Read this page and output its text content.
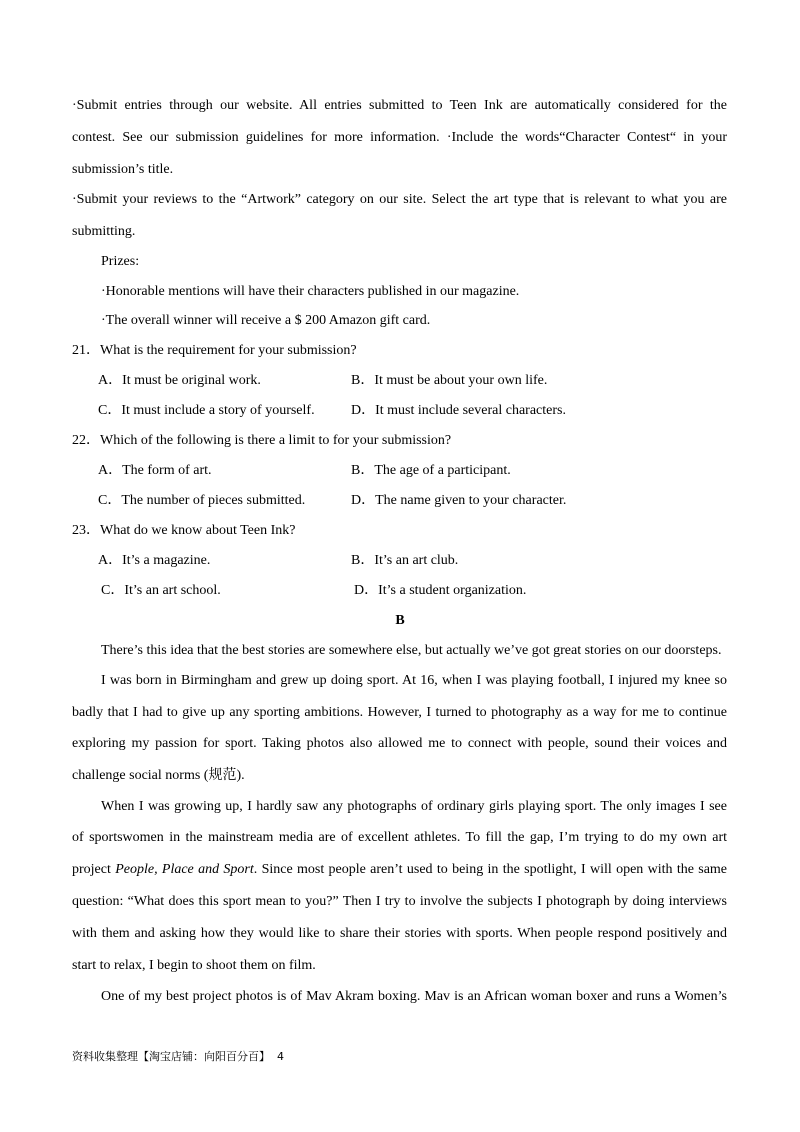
·Submit entries through our website. All entries submitted to Teen Ink are automatically considered for the
contest. See our submission guidelines for more information. ·Include the words“Character Contest“ in your
submission’s title.
·Submit your reviews to the “Artwork” category on our site. Select the art type that is relevant to what you are
submitting.
Prizes:
·Honorable mentions will have their characters published in our magazine.
·The overall winner will receive a $ 200 Amazon gift card.
21．What is the requirement for your submission?
A．It must be original work.	B．It must be about your own life.
C．It must include a story of yourself.	D．It must include several characters.
22．Which of the following is there a limit to for your submission?
A．The form of art.	B．The age of a participant.
C．The number of pieces submitted.	D．The name given to your character.
23．What do we know about Teen Ink?
A．It’s a magazine.	B．It’s an art club.
C．It’s an art school.	D．It’s a student organization.
B
There’s this idea that the best stories are somewhere else, but actually we’ve got great stories on our doorsteps.
I was born in Birmingham and grew up doing sport. At 16, when I was playing football, I injured my knee so
badly that I had to give up any sporting ambitions. However, I turned to photography as a way for me to continue
exploring my passion for sport. Taking photos also allowed me to connect with people, sound their voices and
challenge social norms (规范).
When I was growing up, I hardly saw any photographs of ordinary girls playing sport. The only images I see
of sportswomen in the mainstream media are of excellent athletes. To fill the gap, I’m trying to do my own art
project People, Place and Sport. Since most people aren’t used to being in the spotlight, I will open with the same
question: “What does this sport mean to you?” Then I try to involve the subjects I photograph by doing interviews
with them and asking how they would like to share their stories with sports. When people respond positively and
start to relax, I begin to shoot them on film.
One of my best project photos is of Mav Akram boxing. Mav is an African woman boxer and runs a Women’s
资料收集整理【淘宝店铺：向阳百分百】 4
